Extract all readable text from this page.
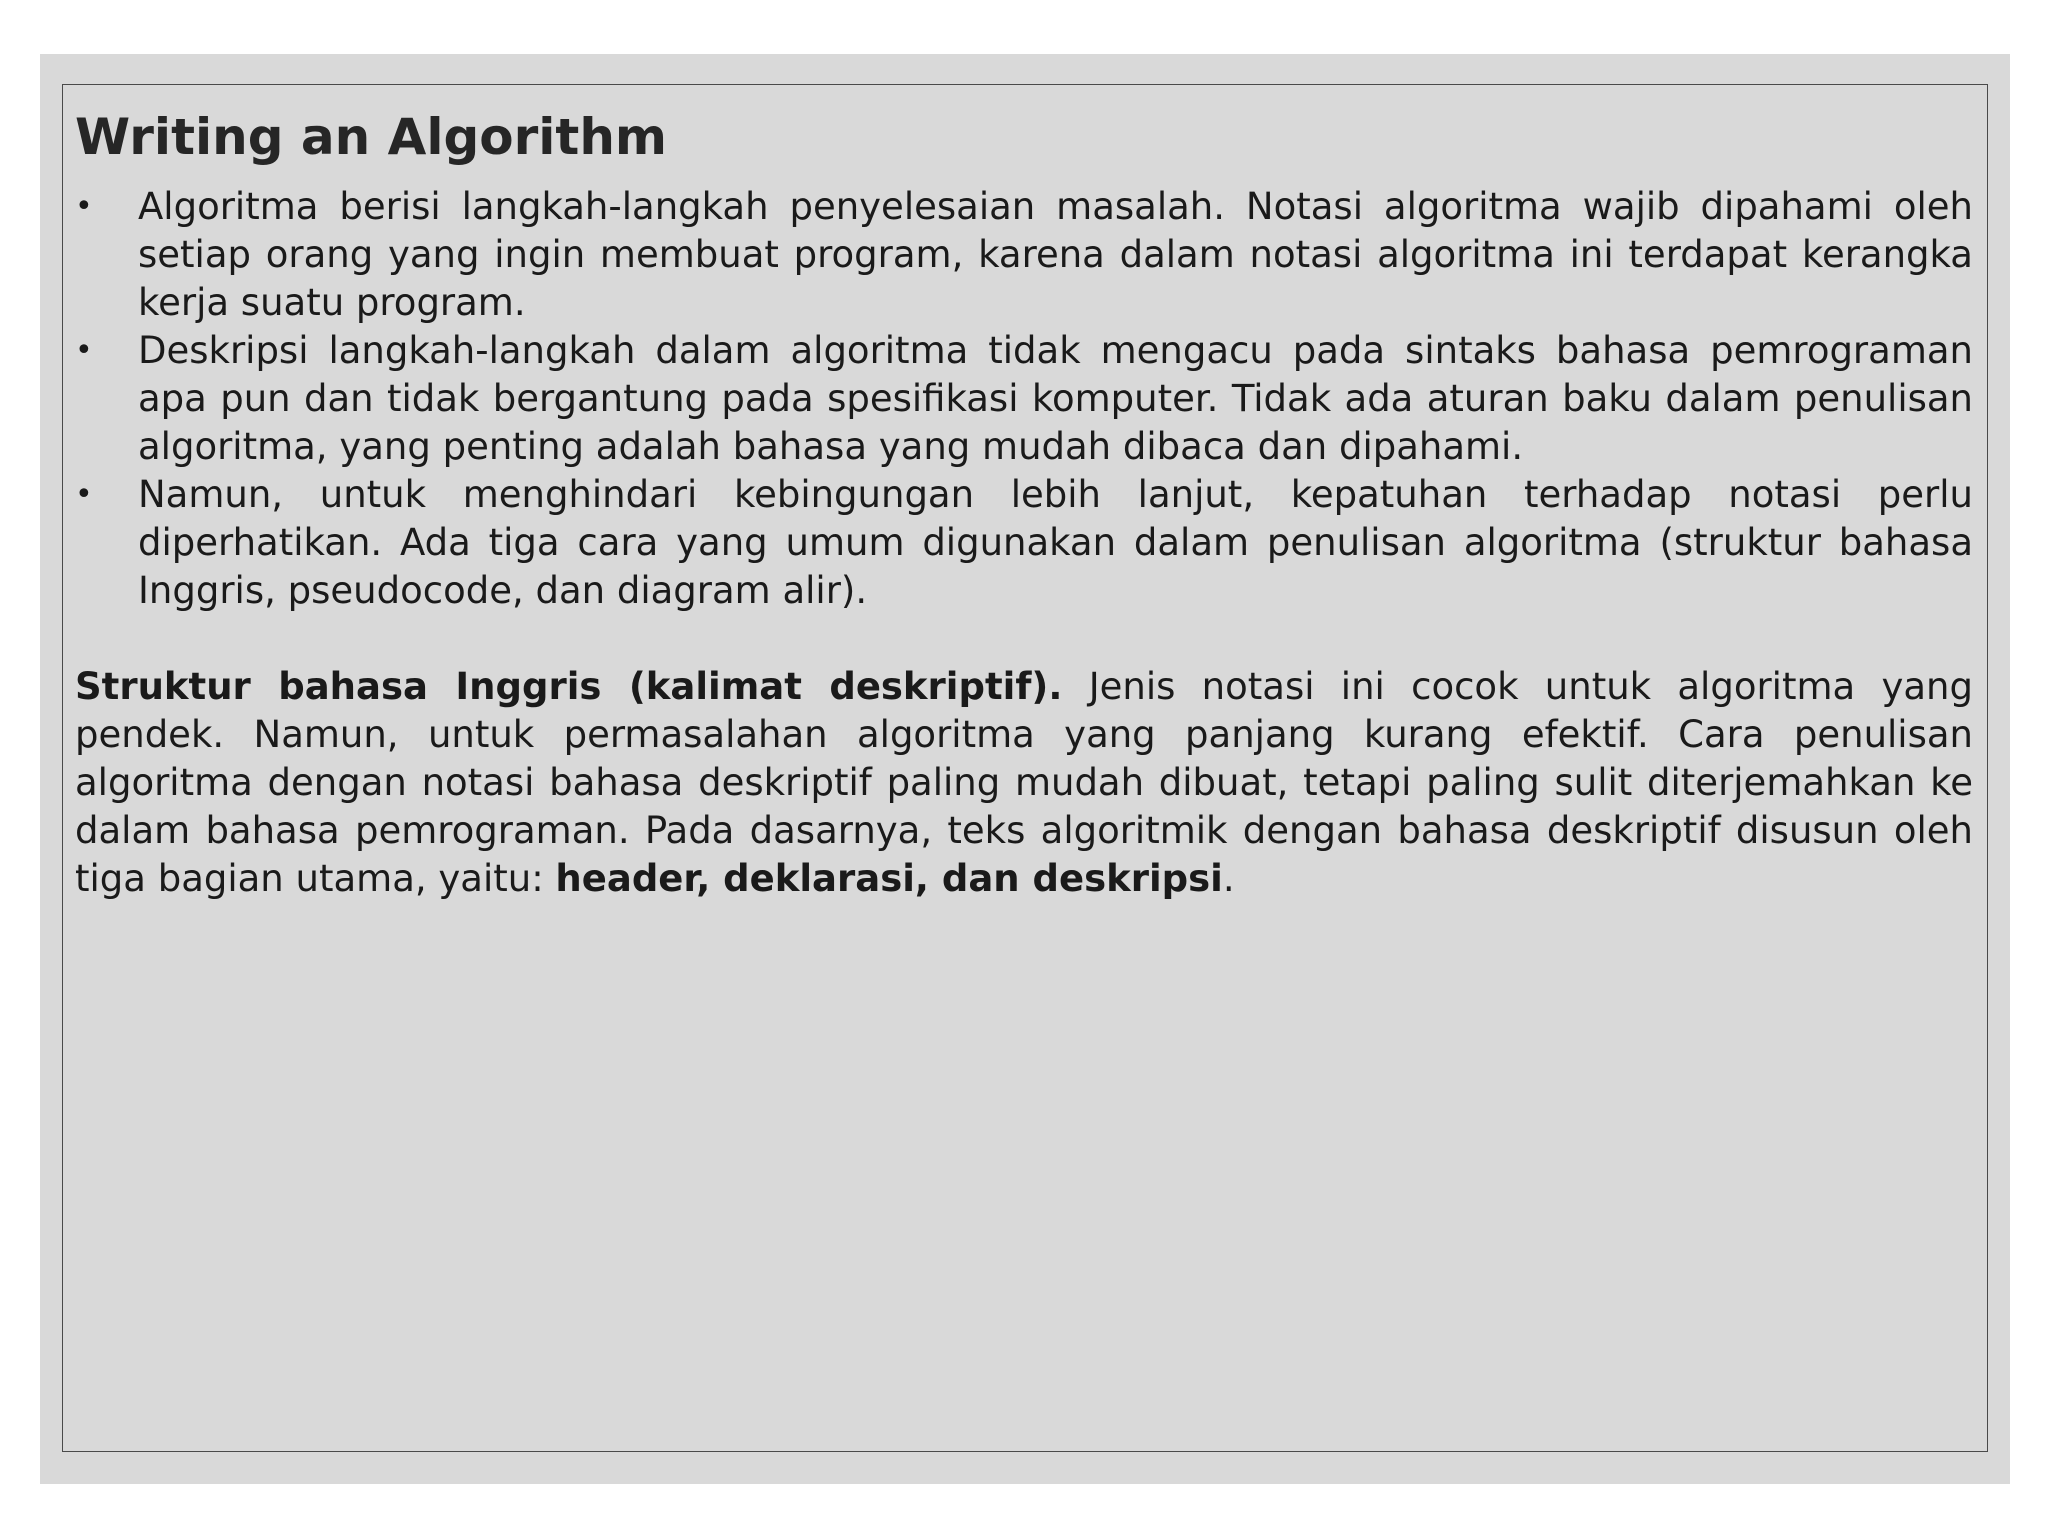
Writing an Algorithm
• Algoritma berisi langkah-langkah penyelesaian masalah. Notasi algoritma wajib dipahami oleh setiap orang yang ingin membuat program, karena dalam notasi algoritma ini terdapat kerangka kerja suatu program.
• Deskripsi langkah-langkah dalam algoritma tidak mengacu pada sintaks bahasa pemrograman apa pun dan tidak bergantung pada spesifikasi komputer. Tidak ada aturan baku dalam penulisan algoritma, yang penting adalah bahasa yang mudah dibaca dan dipahami.
• Namun, untuk menghindari kebingungan lebih lanjut, kepatuhan terhadap notasi perlu diperhatikan. Ada tiga cara yang umum digunakan dalam penulisan algoritma (struktur bahasa Inggris, pseudocode, dan diagram alir).
Struktur bahasa Inggris (kalimat deskriptif). Jenis notasi ini cocok untuk algoritma yang pendek. Namun, untuk permasalahan algoritma yang panjang kurang efektif. Cara penulisan algoritma dengan notasi bahasa deskriptif paling mudah dibuat, tetapi paling sulit diterjemahkan ke dalam bahasa pemrograman. Pada dasarnya, teks algoritmik dengan bahasa deskriptif disusun oleh tiga bagian utama, yaitu: header, deklarasi, dan deskripsi.
